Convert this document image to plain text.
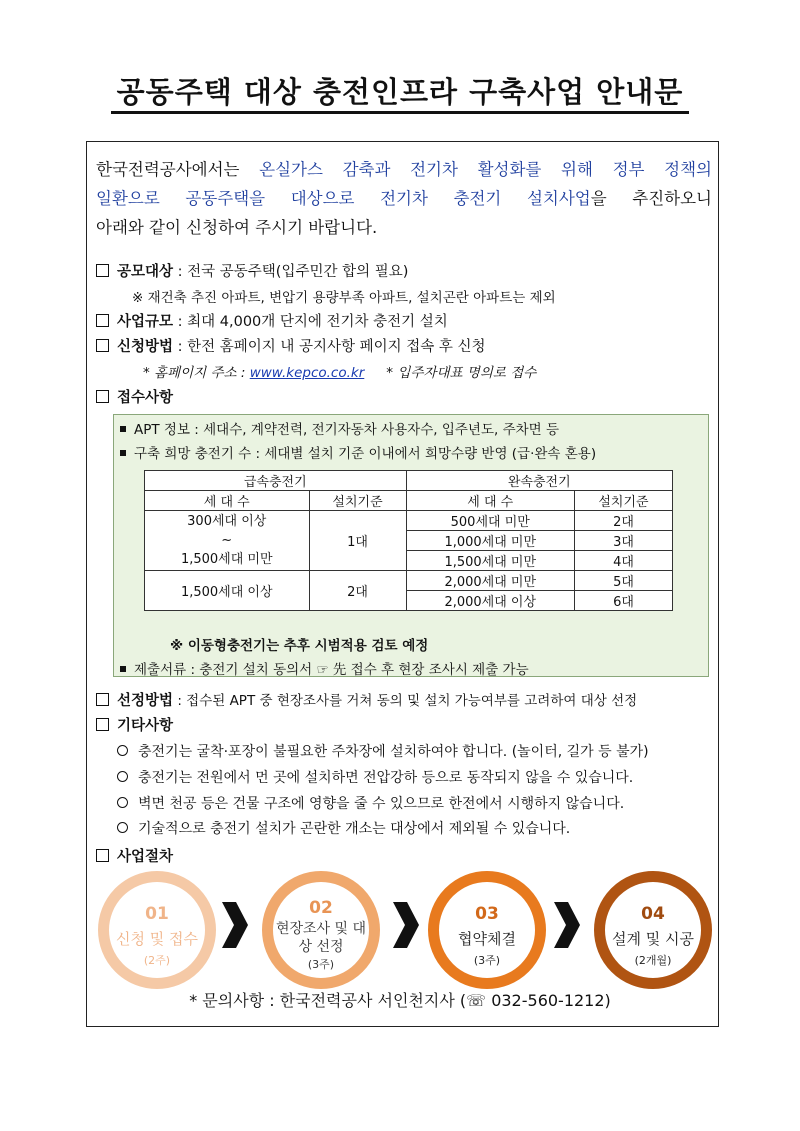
공동주택 대상 충전인프라 구축사업 안내문
한국전력공사에서는 온실가스 감축과 전기차 활성화를 위해 정부 정책의
일환으로 공동주택을 대상으로 전기차 충전기 설치사업을 추진하오니
아래와 같이 신청하여 주시기 바랍니다.
공모대상 : 전국 공동주택(입주민간 합의 필요)
※ 재건축 추진 아파트, 변압기 용량부족 아파트, 설치곤란 아파트는 제외
사업규모 : 최대 4,000개 단지에 전기차 충전기 설치
신청방법 : 한전 홈페이지 내 공지사항 페이지 접속 후 신청
* 홈페이지 주소 : www.kepco.co.kr * 입주자대표 명의로 접수
접수사항
APT 정보 : 세대수, 계약전력, 전기자동차 사용자수, 입주년도, 주차면 등
구축 희망 충전기 수 : 세대별 설치 기준 이내에서 희망수량 반영 (급·완속 혼용)
급속충전기		완속충전기	
세 대 수	설치기준	세 대 수	설치기준

300세대 이상
~
1,500세대 미만	1대	500세대 미만	2대
		1,000세대 미만	3대
		1,500세대 미만	4대
1,500세대 이상	2대	2,000세대 미만	5대
		2,000세대 이상	6대
※ 이동형충전기는 추후 시범적용 검토 예정
제출서류 : 충전기 설치 동의서 ☞ 先 접수 후 현장 조사시 제출 가능
선정방법 : 접수된 APT 중 현장조사를 거쳐 동의 및 설치 가능여부를 고려하여 대상 선정
기타사항
충전기는 굴착·포장이 불필요한 주차장에 설치하여야 합니다. (놀이터, 길가 등 불가)
충전기는 전원에서 먼 곳에 설치하면 전압강하 등으로 동작되지 않을 수 있습니다.
벽면 천공 등은 건물 구조에 영향을 줄 수 있으므로 한전에서 시행하지 않습니다.
기술적으로 충전기 설치가 곤란한 개소는 대상에서 제외될 수 있습니다.
사업절차
01
신청 및 접수
(2주)
02
현장조사 및 대상 선정
(3주)
03
협약체결
(3주)
04
설계 및 시공
(2개월)
* 문의사항 : 한국전력공사 서인천지사 (☏ 032-560-1212)
